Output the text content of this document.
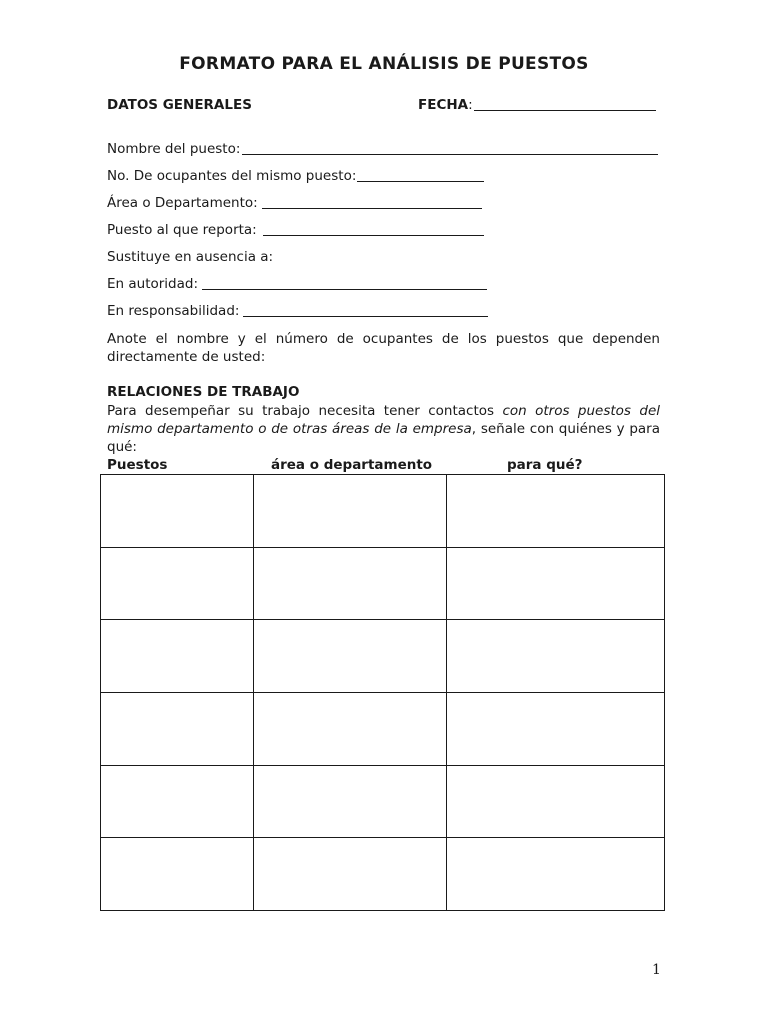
FORMATO PARA EL ANÁLISIS DE PUESTOS
DATOS GENERALES	FECHA:
Nombre del puesto:
No. De ocupantes del mismo puesto:
Área o Departamento:
Puesto al que reporta:
Sustituye en ausencia a:
En autoridad:
En responsabilidad:
Anote el nombre y el número de ocupantes de los puestos que dependen
directamente de usted:
RELACIONES DE TRABAJO
Para desempeñar su trabajo necesita tener contactos con otros puestos del mismo departamento o de otras áreas de la empresa, señale con quiénes y para qué:
Puestos	área o departamento	para qué?

1
